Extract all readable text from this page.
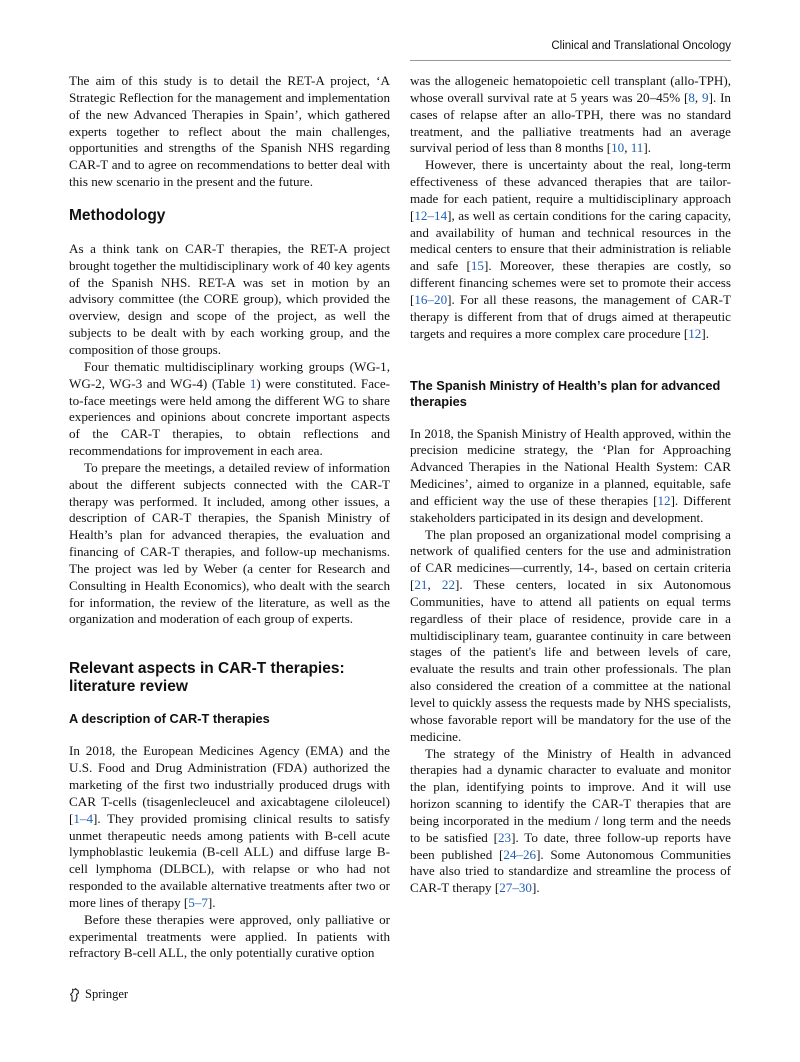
Clinical and Translational Oncology

The aim of this study is to detail the RET-A project, ‘A Strategic Reflection for the management and implementation of the new Advanced Therapies in Spain’, which gathered experts together to reflect about the main challenges, opportunities and strengths of the Spanish NHS regarding CAR-T and to agree on recommendations to better deal with this new scenario in the present and the future.

Methodology

As a think tank on CAR-T therapies, the RET-A project brought together the multidisciplinary work of 40 key agents of the Spanish NHS. RET-A was set in motion by an advisory committee (the CORE group), which provided the overview, design and scope of the project, as well the subjects to be dealt with by each working group, and the composition of those groups.

Four thematic multidisciplinary working groups (WG-1, WG-2, WG-3 and WG-4) (Table 1) were constituted. Face-to-face meetings were held among the different WG to share experiences and opinions about concrete important aspects of the CAR-T therapies, to obtain reflections and recommendations for improvement in each area.

To prepare the meetings, a detailed review of information about the different subjects connected with the CAR-T therapy was performed. It included, among other issues, a description of CAR-T therapies, the Spanish Ministry of Health’s plan for advanced therapies, the evaluation and financing of CAR-T therapies, and follow-up mechanisms. The project was led by Weber (a center for Research and Consulting in Health Economics), who dealt with the search for information, the review of the literature, as well as the organization and moderation of each group of experts.

Relevant aspects in CAR-T therapies: literature review
A description of CAR-T therapies

In 2018, the European Medicines Agency (EMA) and the U.S. Food and Drug Administration (FDA) authorized the marketing of the first two industrially produced drugs with CAR T-cells (tisagenlecleucel and axicabtagene ciloleucel) [1–4]. They provided promising clinical results to satisfy unmet therapeutic needs among patients with B-cell acute lymphoblastic leukemia (B-cell ALL) and diffuse large B-cell lymphoma (DLBCL), with relapse or who had not responded to the available alternative treatments after two or more lines of therapy [5–7].

Before these therapies were approved, only palliative or experimental treatments were applied. In patients with refractory B-cell ALL, the only potentially curative option

was the allogeneic hematopoietic cell transplant (allo-TPH), whose overall survival rate at 5 years was 20–45% [8, 9]. In cases of relapse after an allo-TPH, there was no standard treatment, and the palliative treatments had an average survival period of less than 8 months [10, 11].

However, there is uncertainty about the real, long-term effectiveness of these advanced therapies that are tailor-made for each patient, require a multidisciplinary approach [12–14], as well as certain conditions for the caring capacity, and availability of human and technical resources in the medical centers to ensure that their administration is reliable and safe [15]. Moreover, these therapies are costly, so different financing schemes were set to promote their access [16–20]. For all these reasons, the management of CAR-T therapy is different from that of drugs aimed at therapeutic targets and requires a more complex care procedure [12].

The Spanish Ministry of Health’s plan for advanced therapies

In 2018, the Spanish Ministry of Health approved, within the precision medicine strategy, the ‘Plan for Approaching Advanced Therapies in the National Health System: CAR Medicines’, aimed to organize in a planned, equitable, safe and efficient way the use of these therapies [12]. Different stakeholders participated in its design and development.

The plan proposed an organizational model comprising a network of qualified centers for the use and administration of CAR medicines—currently, 14-, based on certain criteria [21, 22]. These centers, located in six Autonomous Communities, have to attend all patients on equal terms regardless of their place of residence, provide care in a multidisciplinary team, guarantee continuity in care between stages of the patient's life and between levels of care, evaluate the results and train other professionals. The plan also considered the creation of a committee at the national level to quickly assess the requests made by NHS specialists, whose favorable report will be mandatory for the use of the medicine.

The strategy of the Ministry of Health in advanced therapies had a dynamic character to evaluate and monitor the plan, identifying points to improve. And it will use horizon scanning to identify the CAR-T therapies that are being incorporated in the medium / long term and the needs to be satisfied [23]. To date, three follow-up reports have been published [24–26]. Some Autonomous Communities have also tried to standardize and streamline the process of CAR-T therapy [27–30].

Springer
